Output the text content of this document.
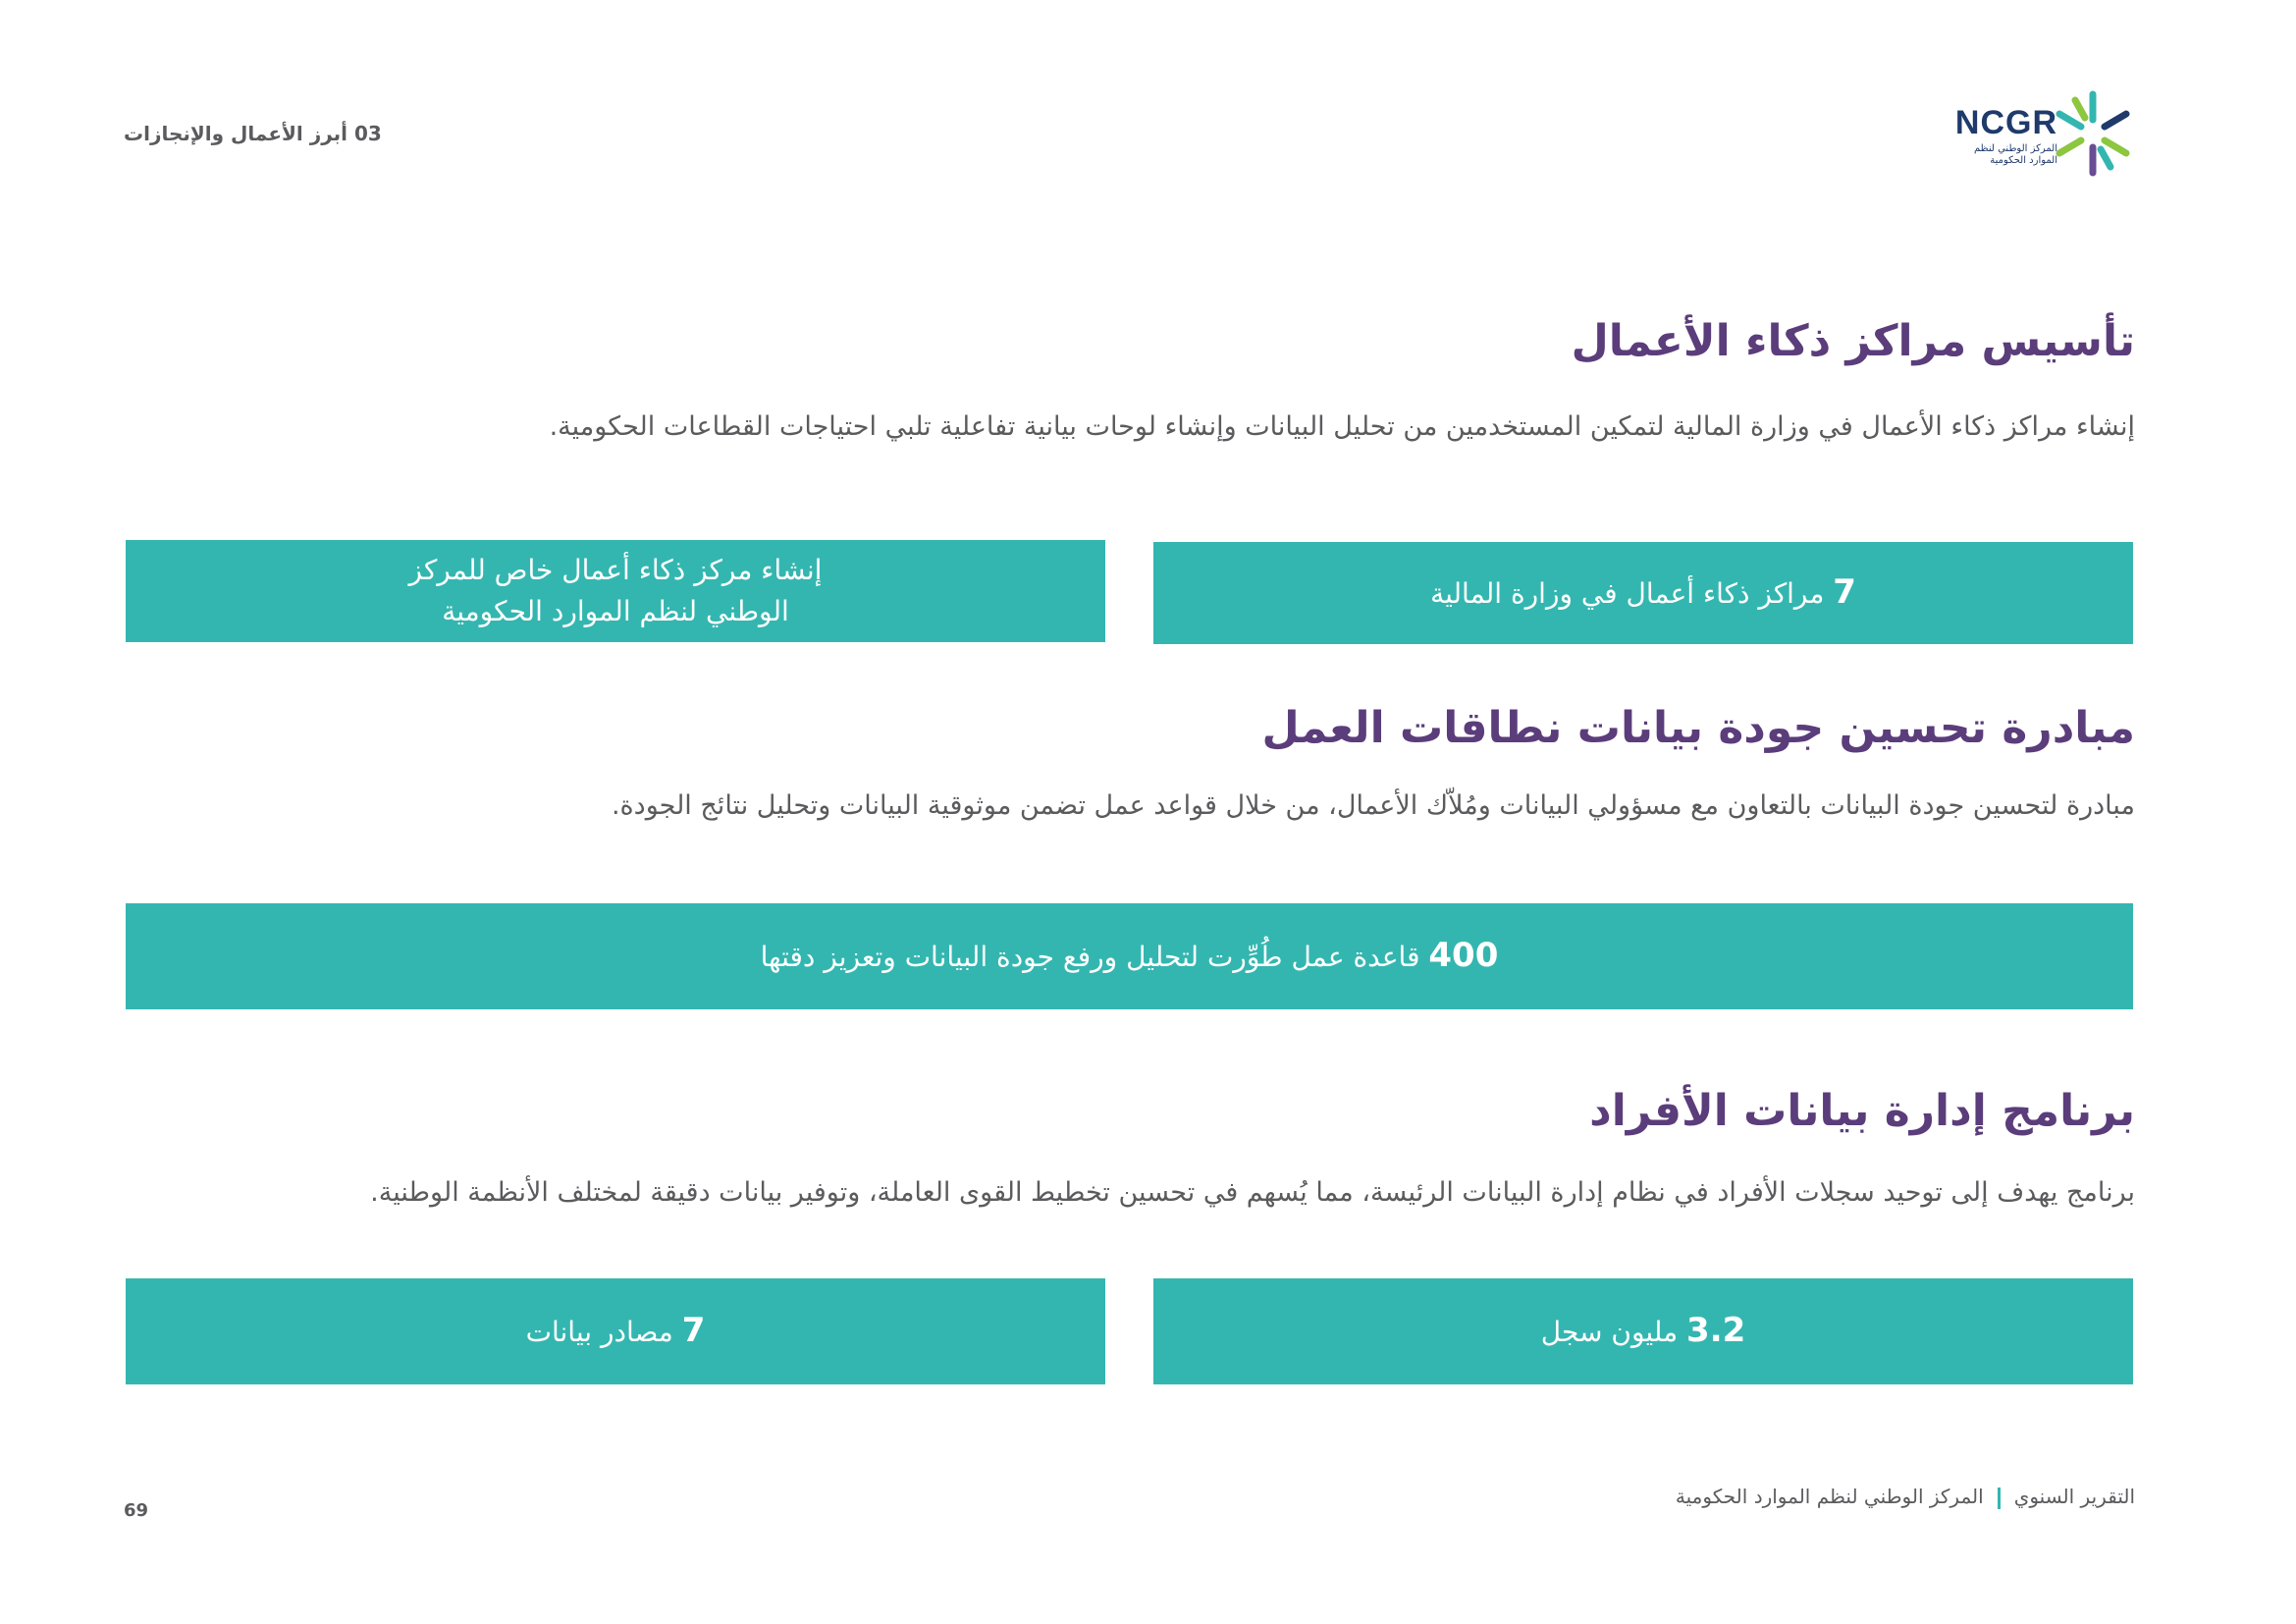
NCGR
المركز الوطني لنظم الموارد الحكومية
03 أبرز الأعمال والإنجازات
تأسيس مراكز ذكاء الأعمال
إنشاء مراكز ذكاء الأعمال في وزارة المالية لتمكين المستخدمين من تحليل البيانات وإنشاء لوحات بيانية تفاعلية تلبي احتياجات القطاعات الحكومية.
7 مراكز ذكاء أعمال في وزارة المالية
إنشاء مركز ذكاء أعمال خاص للمركز
الوطني لنظم الموارد الحكومية
مبادرة تحسين جودة بيانات نطاقات العمل
مبادرة لتحسين جودة البيانات بالتعاون مع مسؤولي البيانات ومُلاّك الأعمال، من خلال قواعد عمل تضمن موثوقية البيانات وتحليل نتائج الجودة.
400 قاعدة عمل طُوِّرت لتحليل ورفع جودة البيانات وتعزيز دقتها
برنامج إدارة بيانات الأفراد
برنامج يهدف إلى توحيد سجلات الأفراد في نظام إدارة البيانات الرئيسة، مما يُسهم في تحسين تخطيط القوى العاملة، وتوفير بيانات دقيقة لمختلف الأنظمة الوطنية.
3.2 مليون سجل
7 مصادر بيانات
التقرير السنويالمركز الوطني لنظم الموارد الحكومية
69
